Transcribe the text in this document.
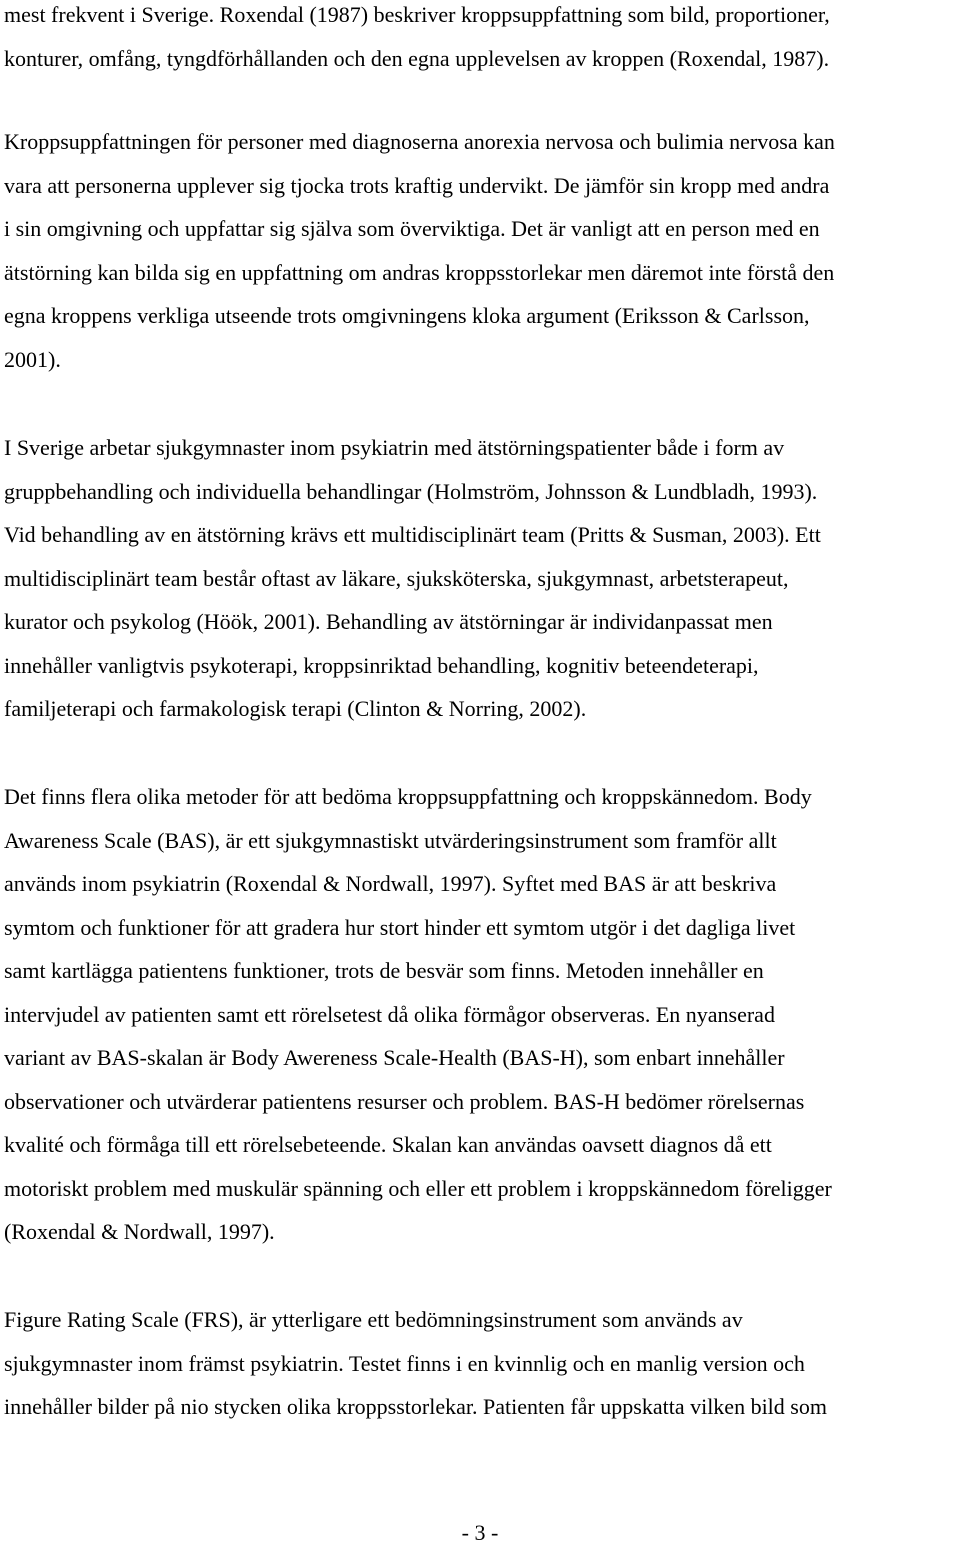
mest frekvent i Sverige. Roxendal (1987) beskriver kroppsuppfattning som bild, proportioner,
konturer, omfång, tyngdförhållanden och den egna upplevelsen av kroppen (Roxendal, 1987).
Kroppsuppfattningen för personer med diagnoserna anorexia nervosa och bulimia nervosa kan
vara att personerna upplever sig tjocka trots kraftig undervikt. De jämför sin kropp med andra
i sin omgivning och uppfattar sig själva som överviktiga. Det är vanligt att en person med en
ätstörning kan bilda sig en uppfattning om andras kroppsstorlekar men däremot inte förstå den
egna kroppens verkliga utseende trots omgivningens kloka argument (Eriksson & Carlsson,
2001).
I Sverige arbetar sjukgymnaster inom psykiatrin med ätstörningspatienter både i form av
gruppbehandling och individuella behandlingar (Holmström, Johnsson & Lundbladh, 1993).
Vid behandling av en ätstörning krävs ett multidisciplinärt team (Pritts & Susman, 2003). Ett
multidisciplinärt team består oftast av läkare, sjuksköterska, sjukgymnast, arbetsterapeut,
kurator och psykolog (Höök, 2001). Behandling av ätstörningar är individanpassat men
innehåller vanligtvis psykoterapi, kroppsinriktad behandling, kognitiv beteendeterapi,
familjeterapi och farmakologisk terapi (Clinton & Norring, 2002).
Det finns flera olika metoder för att bedöma kroppsuppfattning och kroppskännedom. Body
Awareness Scale (BAS), är ett sjukgymnastiskt utvärderingsinstrument som framför allt
används inom psykiatrin (Roxendal & Nordwall, 1997). Syftet med BAS är att beskriva
symtom och funktioner för att gradera hur stort hinder ett symtom utgör i det dagliga livet
samt kartlägga patientens funktioner, trots de besvär som finns. Metoden innehåller en
intervjudel av patienten samt ett rörelsetest då olika förmågor observeras. En nyanserad
variant av BAS-skalan är Body Awereness Scale-Health (BAS-H), som enbart innehåller
observationer och utvärderar patientens resurser och problem. BAS-H bedömer rörelsernas
kvalité och förmåga till ett rörelsebeteende. Skalan kan användas oavsett diagnos då ett
motoriskt problem med muskulär spänning och eller ett problem i kroppskännedom föreligger
(Roxendal & Nordwall, 1997).
Figure Rating Scale (FRS), är ytterligare ett bedömningsinstrument som används av
sjukgymnaster inom främst psykiatrin. Testet finns i en kvinnlig och en manlig version och
innehåller bilder på nio stycken olika kroppsstorlekar. Patienten får uppskatta vilken bild som
- 3 -
